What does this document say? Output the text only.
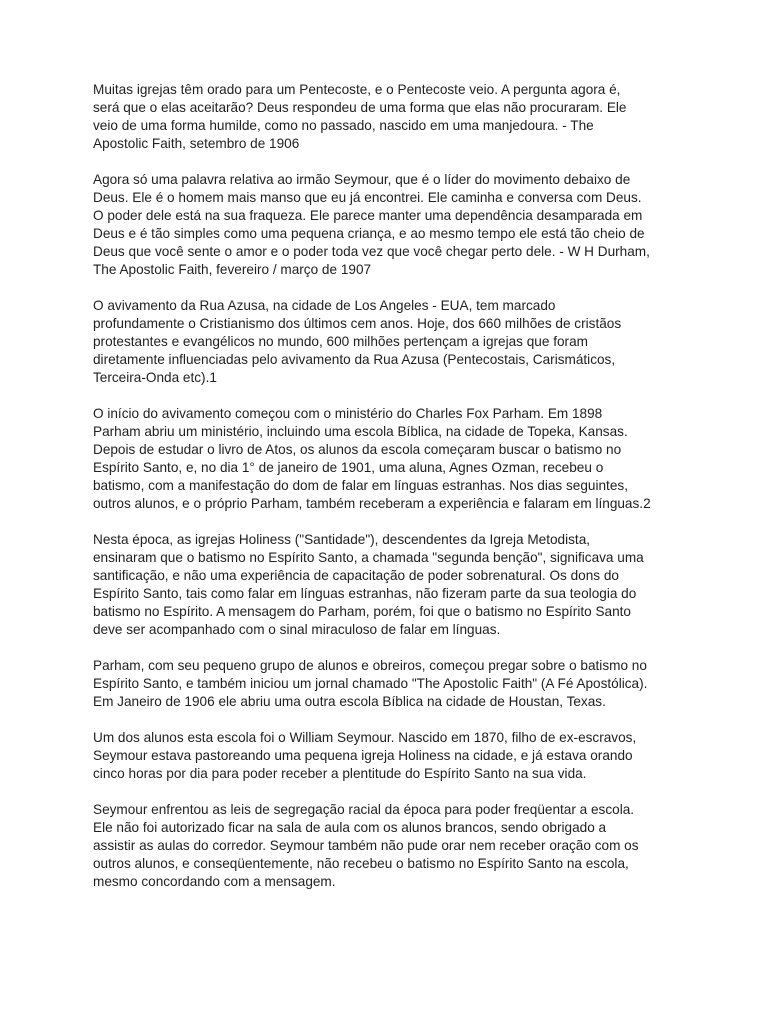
Muitas igrejas têm orado para um Pentecoste, e o Pentecoste veio. A pergunta agora é,
será que o elas aceitarão? Deus respondeu de uma forma que elas não procuraram. Ele
veio de uma forma humilde, como no passado, nascido em uma manjedoura. - The
Apostolic Faith, setembro de 1906

Agora só uma palavra relativa ao irmão Seymour, que é o líder do movimento debaixo de
Deus. Ele é o homem mais manso que eu já encontrei. Ele caminha e conversa com Deus.
O poder dele está na sua fraqueza. Ele parece manter uma dependência desamparada em
Deus e é tão simples como uma pequena criança, e ao mesmo tempo ele está tão cheio de
Deus que você sente o amor e o poder toda vez que você chegar perto dele. - W H Durham,
The Apostolic Faith, fevereiro / março de 1907

O avivamento da Rua Azusa, na cidade de Los Angeles - EUA, tem marcado
profundamente o Cristianismo dos últimos cem anos. Hoje, dos 660 milhões de cristãos
protestantes e evangélicos no mundo, 600 milhões pertençam a igrejas que foram
diretamente influenciadas pelo avivamento da Rua Azusa (Pentecostais, Carismáticos,
Terceira-Onda etc).1

O início do avivamento começou com o ministério do Charles Fox Parham. Em 1898
Parham abriu um ministério, incluindo uma escola Bíblica, na cidade de Topeka, Kansas.
Depois de estudar o livro de Atos, os alunos da escola começaram buscar o batismo no
Espírito Santo, e, no dia 1° de janeiro de 1901, uma aluna, Agnes Ozman, recebeu o
batismo, com a manifestação do dom de falar em línguas estranhas. Nos dias seguintes,
outros alunos, e o próprio Parham, também receberam a experiência e falaram em línguas.2

Nesta época, as igrejas Holiness ("Santidade"), descendentes da Igreja Metodista,
ensinaram que o batismo no Espírito Santo, a chamada "segunda benção", significava uma
santificação, e não uma experiência de capacitação de poder sobrenatural. Os dons do
Espírito Santo, tais como falar em línguas estranhas, não fizeram parte da sua teologia do
batismo no Espírito. A mensagem do Parham, porém, foi que o batismo no Espírito Santo
deve ser acompanhado com o sinal miraculoso de falar em línguas.

Parham, com seu pequeno grupo de alunos e obreiros, começou pregar sobre o batismo no
Espírito Santo, e também iniciou um jornal chamado "The Apostolic Faith" (A Fé Apostólica).
Em Janeiro de 1906 ele abriu uma outra escola Bíblica na cidade de Houstan, Texas.

Um dos alunos esta escola foi o William Seymour. Nascido em 1870, filho de ex-escravos,
Seymour estava pastoreando uma pequena igreja Holiness na cidade, e já estava orando
cinco horas por dia para poder receber a plentitude do Espírito Santo na sua vida.

Seymour enfrentou as leis de segregação racial da época para poder freqüentar a escola.
Ele não foi autorizado ficar na sala de aula com os alunos brancos, sendo obrigado a
assistir as aulas do corredor. Seymour também não pude orar nem receber oração com os
outros alunos, e conseqüentemente, não recebeu o batismo no Espírito Santo na escola,
mesmo concordando com a mensagem.
